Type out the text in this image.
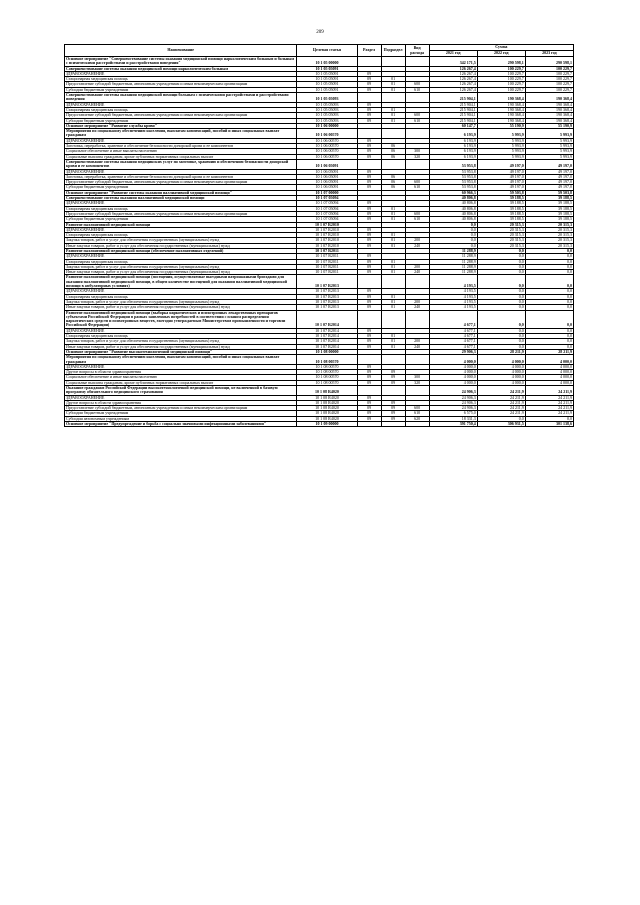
209
Наименование	Целевая статья	Раздел	Подраздел	Вид расхода	Сумма		
					2021 год	2022 год	2023 год
Основное мероприятие "Совершенствование системы оказания медицинской помощи наркологическим больным и больным с психическими расстройствами и расстройствами поведения"	10 1 05 00000				342 171,5	290 598,1	290 598,1
Совершенствование системы оказания медицинской помощи наркологическим больным	10 1 05 05091				126 267,4	100 229,7	100 229,7
ЗДРАВООХРАНЕНИЕ	10 1 05 05091	09			126 267,4	100 229,7	100 229,7
Стационарная медицинская помощь	10 1 05 05091	09	01		126 267,4	100 229,7	100 229,7
Предоставление субсидий бюджетным, автономным учреждениям и иным некоммерческим организациям	10 1 05 05091	09	01	600	126 267,4	100 229,7	100 229,7
Субсидии бюджетным учреждениям	10 1 05 05091	09	01	610	126 267,4	100 229,7	100 229,7
Совершенствование системы оказания медицинской помощи больным с психическими расстройствами и расстройствами поведения	10 1 05 05093				215 904,1	190 368,4	190 368,4
ЗДРАВООХРАНЕНИЕ	10 1 05 05093	09			215 904,1	190 368,4	190 368,4
Стационарная медицинская помощь	10 1 05 05093	09	01		215 904,1	190 368,4	190 368,4
Предоставление субсидий бюджетным, автономным учреждениям и иным некоммерческим организациям	10 1 05 05093	09	01	600	215 904,1	190 368,4	190 368,4
Субсидии бюджетным учреждениям	10 1 05 05093	09	01	610	215 904,1	190 368,4	190 368,4
Основное мероприятие "Развитие службы крови"	10 1 06 00000				60 147,7	55 190,9	55 190,9
Мероприятия по социальному обеспечению населения, выплатам компенсаций, пособий и иных социальных выплат гражданам	10 1 06 00570				6 193,9	5 993,9	5 993,9
ЗДРАВООХРАНЕНИЕ	10 1 06 00570	09			6 193,9	5 993,9	5 993,9
Заготовка, переработка, хранение и обеспечение безопасности донорской крови и ее компонентов	10 1 06 00570	09	06		6 193,9	5 993,9	5 993,9
Социальное обеспечение и иные выплаты населению	10 1 06 00570	09	06	300	6 193,9	5 993,9	5 993,9
Социальные выплаты гражданам, кроме публичных нормативных социальных выплат	10 1 06 00570	09	06	320	6 193,9	5 993,9	5 993,9
Совершенствование системы оказания медицинских услуг по заготовке, хранению и обеспечению безопасности донорской крови и ее компонентов	10 1 06 05091				53 953,8	49 197,0	49 197,0
ЗДРАВООХРАНЕНИЕ	10 1 06 05091	09			53 953,8	49 197,0	49 197,0
Заготовка, переработка, хранение и обеспечение безопасности донорской крови и ее компонентов	10 1 06 05091	09	06		53 953,8	49 197,0	49 197,0
Предоставление субсидий бюджетным, автономным учреждениям и иным некоммерческим организациям	10 1 06 05091	09	06	600	53 953,8	49 197,0	49 197,0
Субсидии бюджетным учреждениям	10 1 06 05091	09	06	610	53 953,8	49 197,0	49 197,0
Основное мероприятие "Развитие системы оказания паллиативной медицинской помощи"	10 1 07 00000				60 966,3	59 503,8	59 503,8
Совершенствование системы оказания паллиативной медицинской помощи	10 1 07 05094				40 806,8	39 188,5	39 188,5
ЗДРАВООХРАНЕНИЕ	10 1 07 05094	09			40 806,8	39 188,5	39 188,5
Стационарная медицинская помощь	10 1 07 05094	09	01		40 806,8	39 188,5	39 188,5
Предоставление субсидий бюджетным, автономным учреждениям и иным некоммерческим организациям	10 1 07 05094	09	01	600	40 806,8	39 188,5	39 188,5
Субсидии бюджетным учреждениям	10 1 07 05094	09	01	610	40 806,8	39 188,5	39 188,5
Развитие паллиативной медицинской помощи	10 1 07 R2010				0,0	20 315,3	20 315,3
ЗДРАВООХРАНЕНИЕ	10 1 07 R2010	09			0,0	20 315,3	20 315,3
Стационарная медицинская помощь	10 1 07 R2010	09	01		0,0	20 315,3	20 315,3
Закупка товаров, работ и услуг для обеспечения государственных (муниципальных) нужд	10 1 07 R2010	09	01	200	0,0	20 315,3	20 315,3
Иные закупки товаров, работ и услуг для обеспечения государственных (муниципальных) нужд	10 1 07 R2010	09	01	240	0,0	20 315,3	20 315,3
Развитие паллиативной медицинской помощи (обеспечение паллиативных отделений)	10 1 07 R2011				11 288,9	0,0	0,0
ЗДРАВООХРАНЕНИЕ	10 1 07 R2011	09			11 288,9	0,0	0,0
Стационарная медицинская помощь	10 1 07 R2011	09	01		11 288,9	0,0	0,0
Закупка товаров, работ и услуг для обеспечения государственных (муниципальных) нужд	10 1 07 R2011	09	01	200	11 288,9	0,0	0,0
Иные закупки товаров, работ и услуг для обеспечения государственных (муниципальных) нужд	10 1 07 R2011	09	01	240	11 288,9	0,0	0,0
Развитие паллиативной медицинской помощи (посещения, осуществляемые выездными патронажными бригадами для оказания паллиативной медицинской помощи, в общем количестве посещений для оказания паллиативной медицинской помощи в амбулаторных условиях)	10 1 07 R2013				4 193,5	0,0	0,0
ЗДРАВООХРАНЕНИЕ	10 1 07 R2013	09			4 193,5	0,0	0,0
Стационарная медицинская помощь	10 1 07 R2013	09	01		4 193,5	0,0	0,0
Закупка товаров, работ и услуг для обеспечения государственных (муниципальных) нужд	10 1 07 R2013	09	01	200	4 193,5	0,0	0,0
Иные закупки товаров, работ и услуг для обеспечения государственных (муниципальных) нужд	10 1 07 R2013	09	01	240	4 193,5	0,0	0,0
Развитие паллиативной медицинской помощи (выборка наркотических и психотропных лекарственных препаратов субъектами Российской Федерации в рамках заявленных потребностей в соответствии с планом распределения наркотических средств и психотропных веществ, ежегодно утверждаемым Министерством промышленности и торговли Российской Федерации)	10 1 07 R2014				4 677,1	0,0	0,0
ЗДРАВООХРАНЕНИЕ	10 1 07 R2014	09			4 677,1	0,0	0,0
Стационарная медицинская помощь	10 1 07 R2014	09	01		4 677,1	0,0	0,0
Закупка товаров, работ и услуг для обеспечения государственных (муниципальных) нужд	10 1 07 R2014	09	01	200	4 677,1	0,0	0,0
Иные закупки товаров, работ и услуг для обеспечения государственных (муниципальных) нужд	10 1 07 R2014	09	01	240	4 677,1	0,0	0,0
Основное мероприятие "Развитие высокотехнологичной медицинской помощи"	10 1 08 00000				29 906,3	28 211,9	28 211,9
Мероприятия по социальному обеспечению населения, выплатам компенсаций, пособий и иных социальных выплат гражданам	10 1 08 00570				4 000,0	4 000,0	4 000,0
ЗДРАВООХРАНЕНИЕ	10 1 08 00570	09			4 000,0	4 000,0	4 000,0
Другие вопросы в области здравоохранения	10 1 08 00570	09	09		4 000,0	4 000,0	4 000,0
Социальное обеспечение и иные выплаты населению	10 1 08 00570	09	09	300	4 000,0	4 000,0	4 000,0
Социальные выплаты гражданам, кроме публичных нормативных социальных выплат	10 1 08 00570	09	09	320	4 000,0	4 000,0	4 000,0
Оказание гражданам Российской Федерации высокотехнологичной медицинской помощи, не включенной в базовую программу обязательного медицинского страхования	10 1 08 R4020				24 906,3	24 211,9	24 211,9
ЗДРАВООХРАНЕНИЕ	10 1 08 R4020	09			24 906,3	24 211,9	24 211,9
Другие вопросы в области здравоохранения	10 1 08 R4020	09	09		24 906,3	24 211,9	24 211,9
Предоставление субсидий бюджетным, автономным учреждениям и иным некоммерческим организациям	10 1 08 R4020	09	09	600	24 906,3	24 211,9	24 211,9
Субсидии бюджетным учреждениям	10 1 08 R4020	09	09	610	6 575,0	24 211,9	24 211,9
Субсидии автономным учреждениям	10 1 08 R4020	09	09	620	18 331,3	0,0	0,0
Основное мероприятие "Предупреждение и борьба с социально значимыми инфекционными заболеваниями"	10 1 09 00000				391 750,4	306 931,5	301 138,6
